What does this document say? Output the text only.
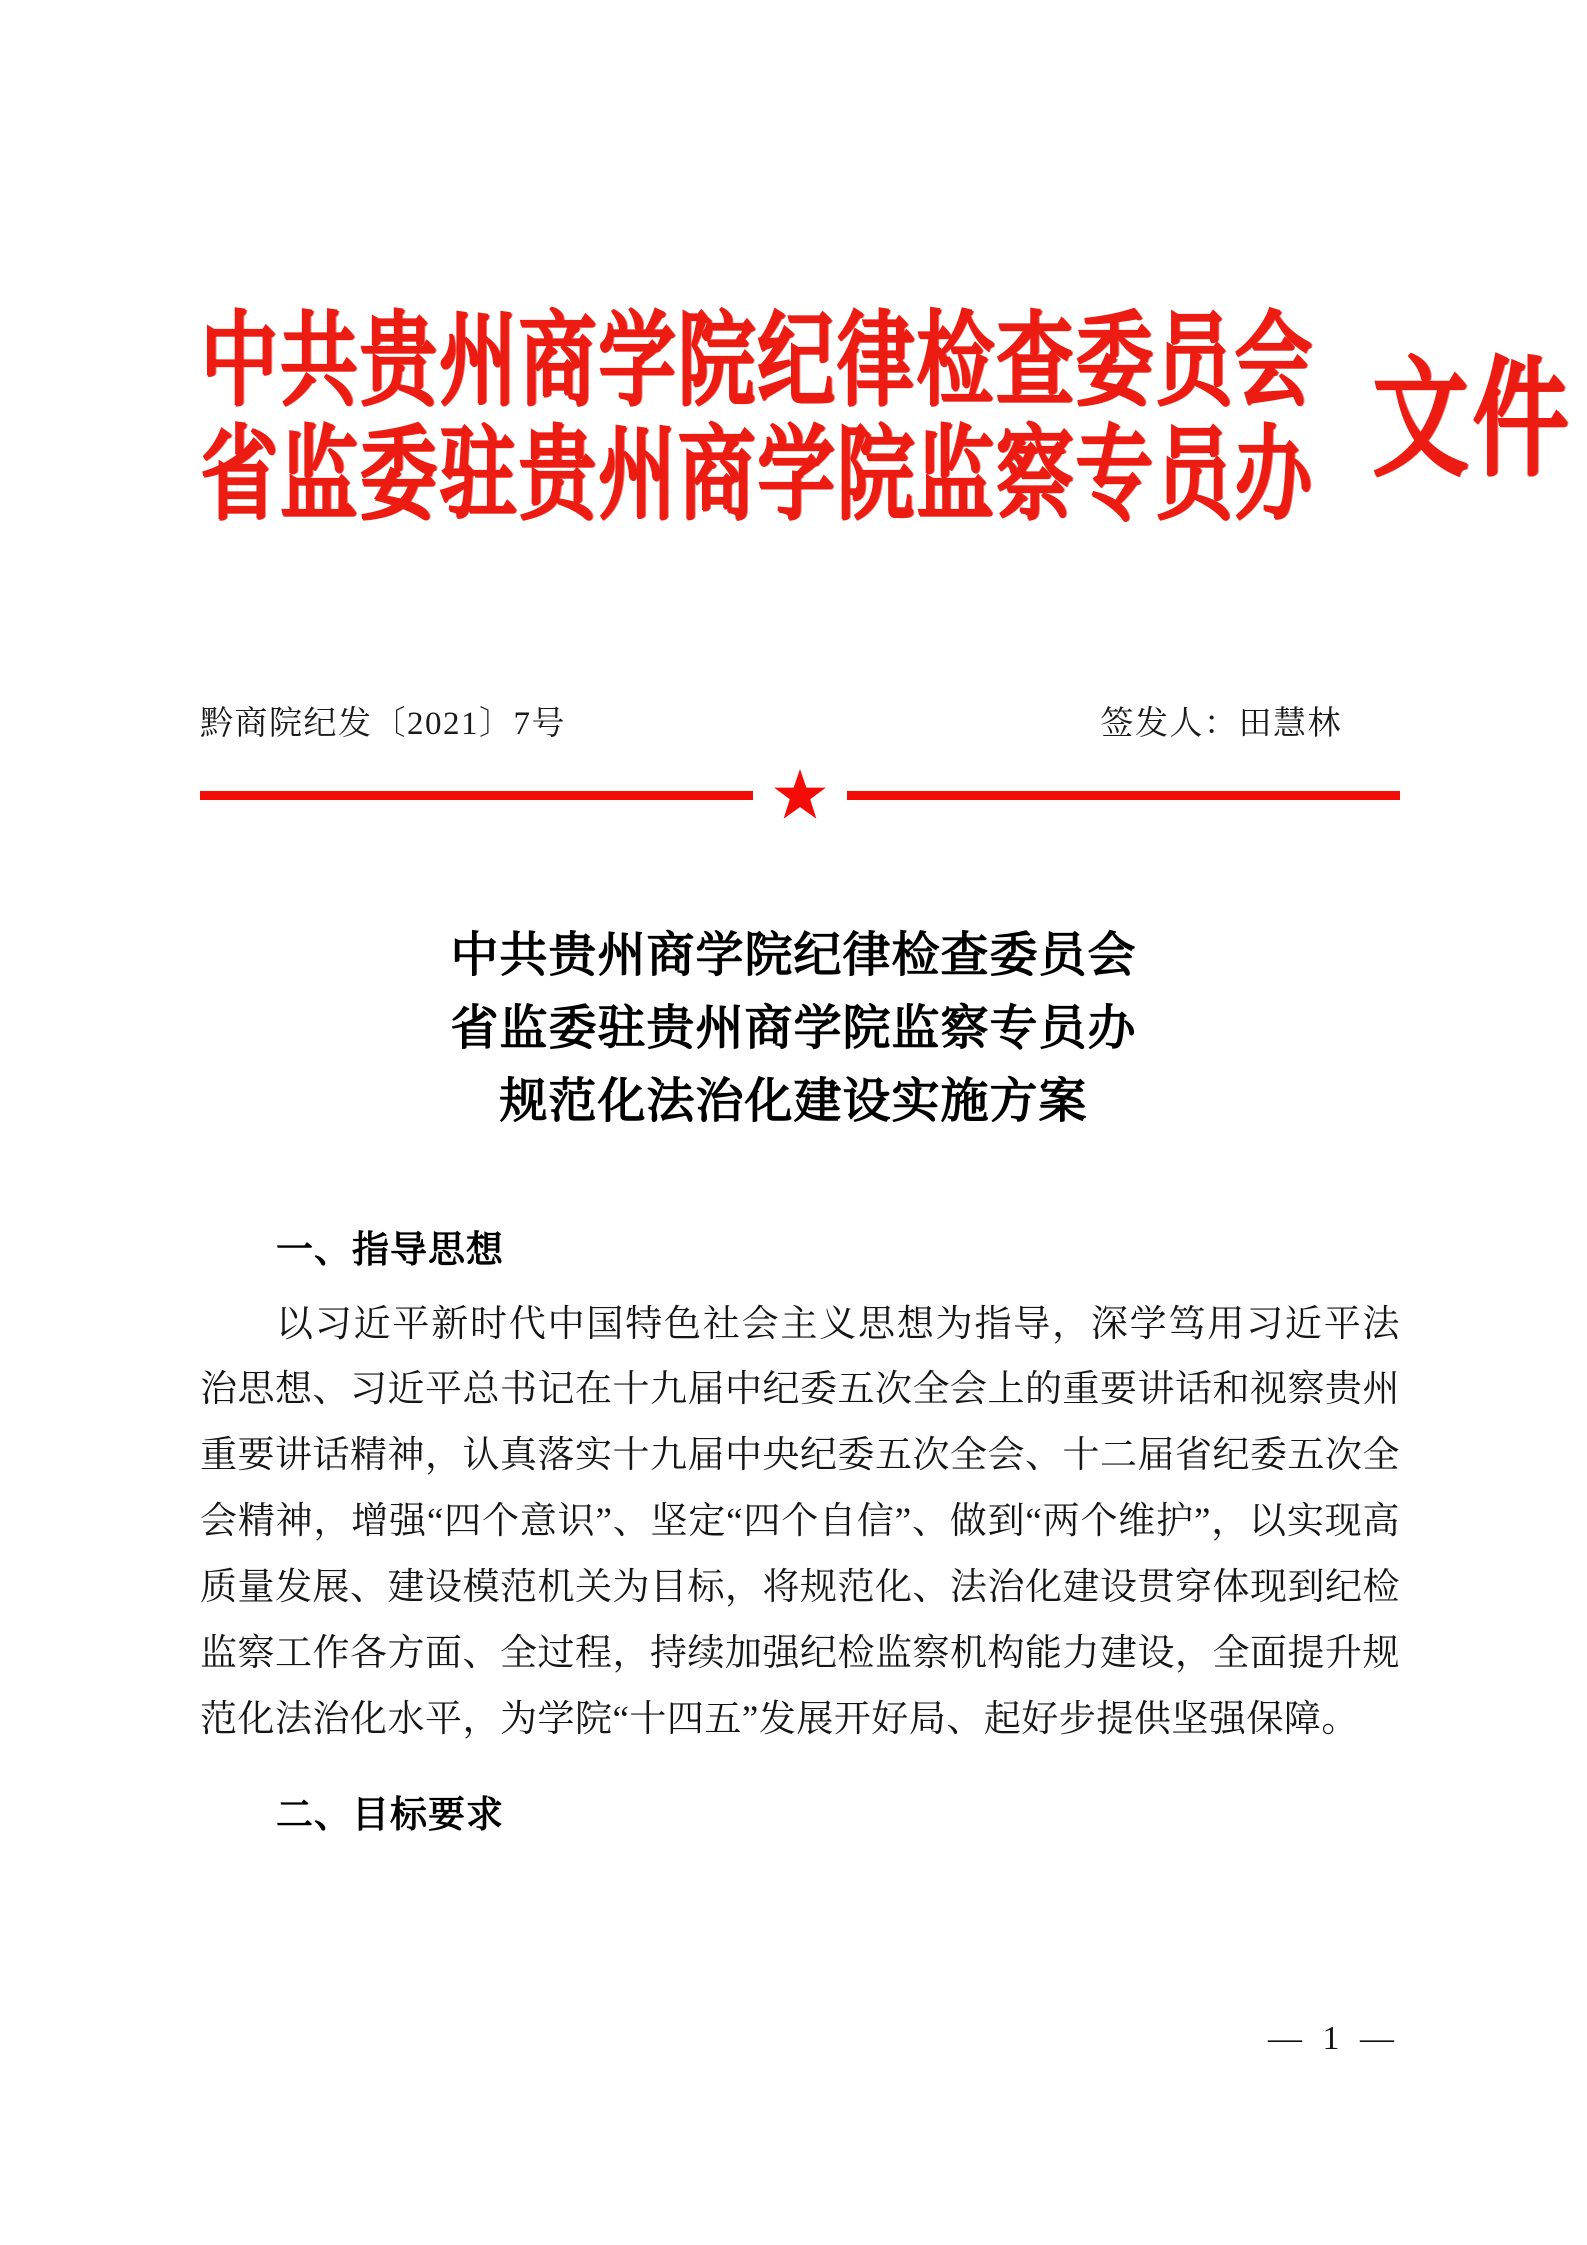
中共贵州商学院纪律检查委员会
省监委驻贵州商学院监察专员办 文件
黔商院纪发〔2021〕7号	签发人：田慧林
中共贵州商学院纪律检查委员会
省监委驻贵州商学院监察专员办
规范化法治化建设实施方案
一、指导思想

以习近平新时代中国特色社会主义思想为指导，深学笃用习近平法治思想、习近平总书记在十九届中纪委五次全会上的重要讲话和视察贵州重要讲话精神，认真落实十九届中央纪委五次全会、十二届省纪委五次全会精神，增强“四个意识”、坚定“四个自信”、做到“两个维护”，以实现高质量发展、建设模范机关为目标，将规范化、法治化建设贯穿体现到纪检监察工作各方面、全过程，持续加强纪检监察机构能力建设，全面提升规范化法治化水平，为学院“十四五”发展开好局、起好步提供坚强保障。

二、目标要求
— 1 —
